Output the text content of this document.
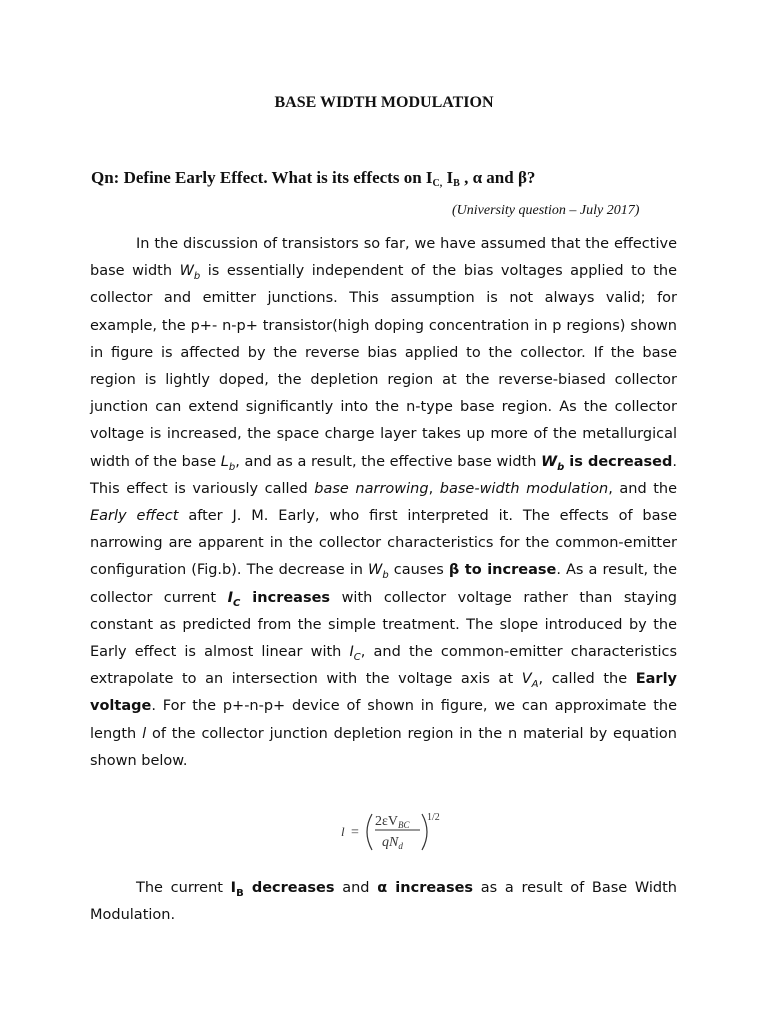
BASE WIDTH MODULATION
Qn: Define Early Effect. What is its effects on $I_{C,}$ $I_B$ , α and β?
(University question – July 2017)

In the discussion of transistors so far, we have assumed that the effective base width $W_b$ is essentially independent of the bias voltages applied to the collector and emitter junctions. This assumption is not always valid; for example, the p+- n-p+ transistor(high doping concentration in p regions) shown in figure is affected by the reverse bias applied to the collector. If the base region is lightly doped, the depletion region at the reverse-biased collector junction can extend significantly into the n-type base region. As the collector voltage is increased, the space charge layer takes up more of the metallurgical width of the base $L_b$, and as a result, the effective base width $W_b$ is decreased. This effect is variously called base narrowing, base-width modulation, and the Early effect after J. M. Early, who first interpreted it. The effects of base narrowing are apparent in the collector characteristics for the common-emitter configuration (Fig.b). The decrease in $W_b$ causes β to increase. As a result, the collector current $I_C$ increases with collector voltage rather than staying constant as predicted from the simple treatment. The slope introduced by the Early effect is almost linear with $I_C$, and the common-emitter characteristics extrapolate to an intersection with the voltage axis at $V_A$, called the Early voltage. For the p+-n-p+ device of shown in figure, we can approximate the length l of the collector junction depletion region in the n material by equation shown below.

l =
$2\varepsilon V_{BC}$
$qN_d$
1/2

The current $I_B$ decreases and α increases as a result of Base Width Modulation.
